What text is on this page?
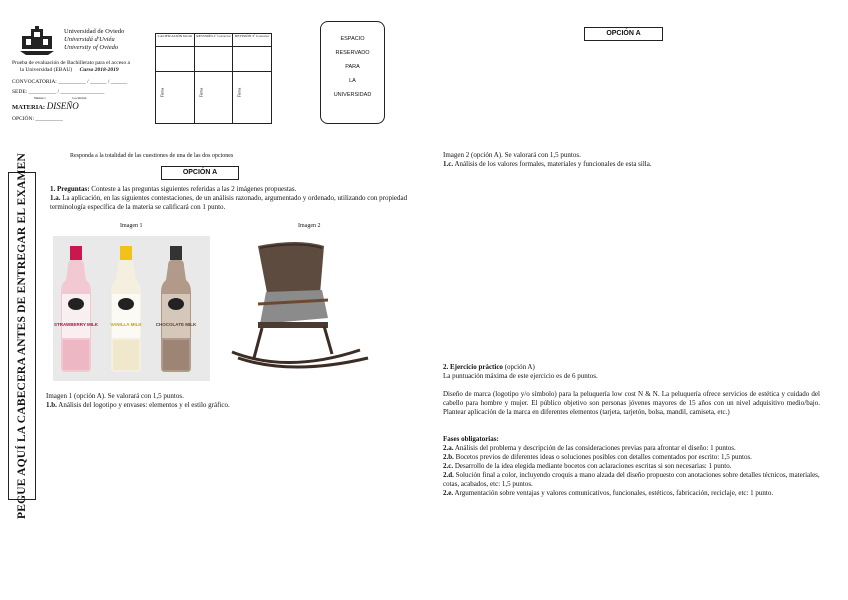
Universidad de Oviedo
Universidá d'Uviéu
University of Oviedo
Prueba de evaluación de Bachillerato para el acceso a
la Universidad (EBAU) Curso 2018-2019
CONVOCATORIA: __________ / ______ / ______
SEDE: __________ / ________________
Número	Localidad
MATERIA: DISEÑO
OPCIÓN: __________
CALIFICACIÓN Inicial	REVISIÓN 2º Corrector	REVISIÓN 3º Corrector

Firma	Firma	Firma
ESPACIO
RESERVADO
PARA
LA
UNIVERSIDAD
PEGUE AQUÍ LA CABECERA ANTES DE ENTREGAR EL EXAMEN	Responda a la totalidad de las cuestiones de una de las dos opciones
OPCIÓN A
1. Preguntas: Conteste a las preguntas siguientes referidas a las 2 imágenes propuestas.
1.a. La aplicación, en las siguientes contestaciones, de un análisis razonado, argumentado y ordenado, utilizando con propiedad terminología específica de la materia se calificará con 1 punto.
Imagen 1	Imagen 2
STRAWBERRY MILK	VANILLA MILK	CHOCOLATE MILK
Imagen 1 (opción A). Se valorará con 1,5 puntos.
1.b. Análisis del logotipo y envases: elementos y el estilo gráfico.
OPCIÓN A
Imagen 2 (opción A). Se valorará con 1,5 puntos.
1.c. Análisis de los valores formales, materiales y funcionales de esta silla.
2. Ejercicio práctico (opción A)
La puntuación máxima de este ejercicio es de 6 puntos.
Diseño de marca (logotipo y/o símbolo) para la peluquería low cost N & N. La peluquería ofrece servicios de estética y cuidado del cabello para hombre y mujer. El público objetivo son personas jóvenes mayores de 15 años con un nivel adquisitivo medio/bajo. Plantear aplicación de la marca en diferentes elementos (tarjeta, tarjetón, bolsa, mandil, camiseta, etc.)
Fases obligatorias:
2.a. Análisis del problema y descripción de las consideraciones previas para afrontar el diseño: 1 puntos.
2.b. Bocetos previos de diferentes ideas o soluciones posibles con detalles comentados por escrito: 1,5 puntos.
2.c. Desarrollo de la idea elegida mediante bocetos con aclaraciones escritas si son necesarias: 1 punto.
2.d. Solución final a color, incluyendo croquis a mano alzada del diseño propuesto con anotaciones sobre detalles técnicos, materiales, cotas, acabados, etc: 1,5 puntos.
2.e. Argumentación sobre ventajas y valores comunicativos, funcionales, estéticos, fabricación, reciclaje, etc: 1 punto.
